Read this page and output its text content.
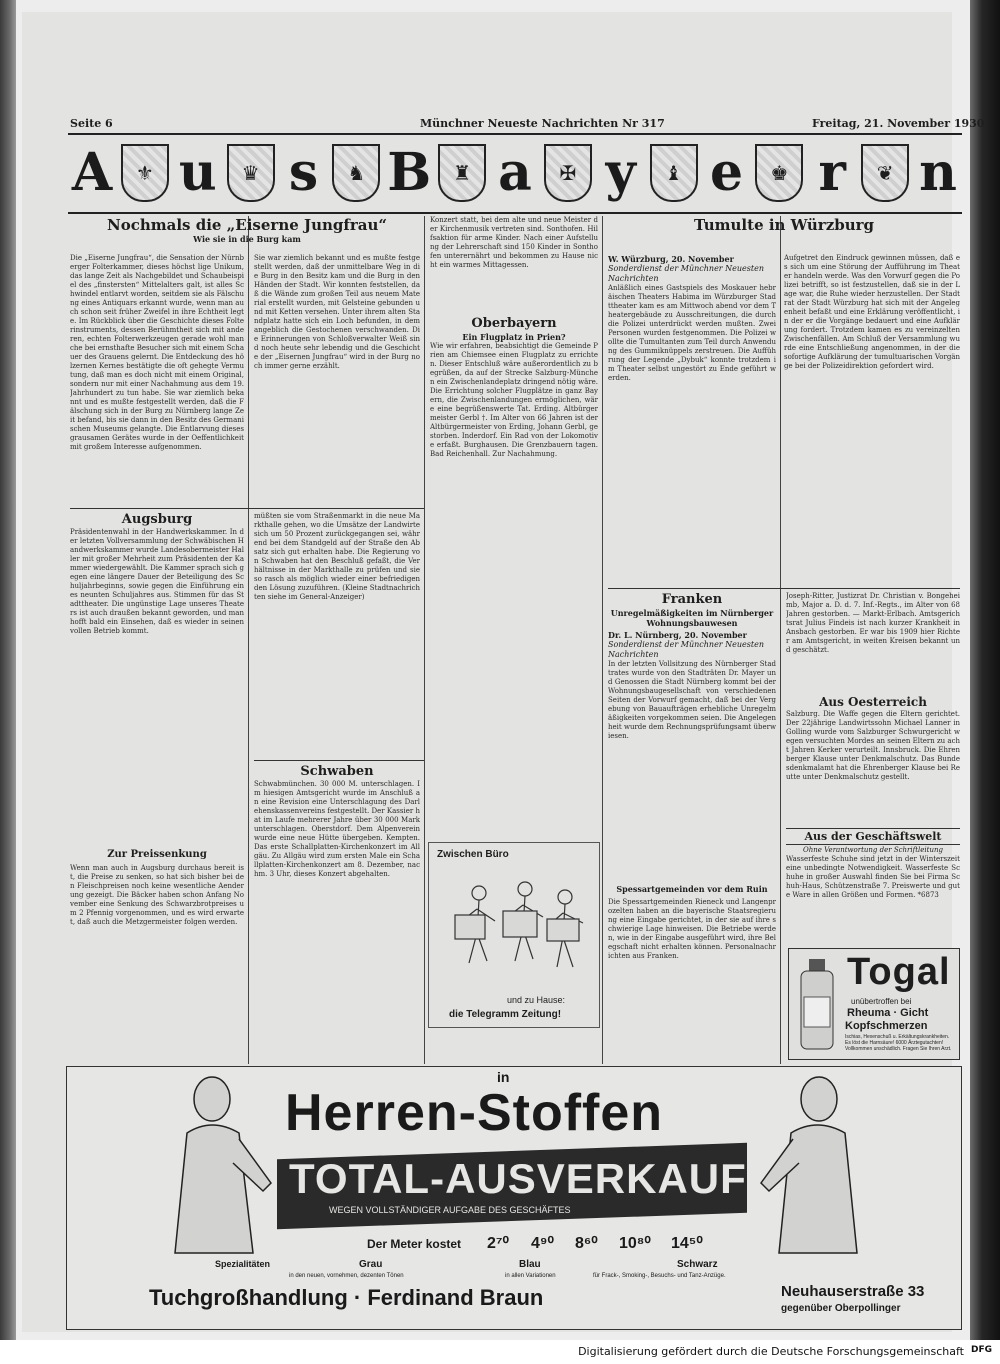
Seite 6	Münchner Neueste Nachrichten Nr 317	Freitag, 21. November 1930
A	⚜ u	♛ s	♞ B	♜ a	✠ y	♝ e	♚ r	❦ n
Nochmals die „Eiserne Jungfrau“
Wie sie in die Burg kam
Die „Eiserne Jungfrau“, die Sensation der Nürnberger Folterkammer, dieses höchst lige Unikum, das lange Zeit als Nachgebildet und Schaubeispiel des „finstersten“ Mittelalters galt, ist alles Schwindel entlarvt worden, seitdem sie als Fälschung eines Antiquars erkannt wurde, wenn man auch schon seit früher Zweifel in ihre Echtheit legte. Im Rückblick über die Geschichte dieses Folterinstruments, dessen Berühmtheit sich mit anderen, echten Folterwerkzeugen gerade wohl manche bei ernsthafte Besucher sich mit einem Schauer des Grauens gelernt. Die Entdeckung des hölzernen Kernes bestätigte die oft gehegte Vermutung, daß man es doch nicht mit einem Original, sondern nur mit einer Nachahmung aus dem 19. Jahrhundert zu tun habe. Sie war ziemlich bekannt und es mußte festgestellt werden, daß die Fälschung sich in der Burg zu Nürnberg lange Zeit befand, bis sie dann in den Besitz des Germanischen Museums gelangte. Die Entlarvung dieses grausamen Gerätes wurde in der Oeffentlichkeit mit großem Interesse aufgenommen.
Sie war ziemlich bekannt und es mußte festgestellt werden, daß der unmittelbare Weg in die Burg in den Besitz kam und die Burg in den Händen der Stadt. Wir konnten feststellen, daß die Wände zum großen Teil aus neuem Material erstellt wurden, mit Gelsteine gebunden und mit Ketten versehen. Unter ihrem alten Standplatz hatte sich ein Loch befunden, in dem angeblich die Gestochenen verschwanden. Die Erinnerungen von Schloßverwalter Weiß sind noch heute sehr lebendig und die Geschichte der „Eisernen Jungfrau“ wird in der Burg noch immer gerne erzählt.
Augsburg
Präsidentenwahl in der Handwerkskammer. In der letzten Vollversammlung der Schwäbischen Handwerkskammer wurde Landesobermeister Haller mit großer Mehrheit zum Präsidenten der Kammer wiedergewählt. Die Kammer sprach sich gegen eine längere Dauer der Beteiligung des Schuljahrbeginns, sowie gegen die Einführung eines neunten Schuljahres aus. Stimmen für das Stadttheater. Die ungünstige Lage unseres Theaters ist auch draußen bekannt geworden, und man hofft bald ein Einsehen, daß es wieder in seinen vollen Betrieb kommt.
Zur Preissenkung
Wenn man auch in Augsburg durchaus bereit ist, die Preise zu senken, so hat sich bisher bei den Fleischpreisen noch keine wesentliche Aenderung gezeigt. Die Bäcker haben schon Anfang November eine Senkung des Schwarzbrotpreises um 2 Pfennig vorgenommen, und es wird erwartet, daß auch die Metzgermeister folgen werden.
müßten sie vom Straßenmarkt in die neue Markthalle gehen, wo die Umsätze der Landwirte sich um 50 Prozent zurückgegangen sei, während bei dem Standgeld auf der Straße den Absatz sich gut erhalten habe. Die Regierung von Schwaben hat den Beschluß gefaßt, die Verhältnisse in der Markthalle zu prüfen und sie so rasch als möglich wieder einer befriedigenden Lösung zuzuführen. (Kleine Stadtnachrichten siehe im General-Anzeiger)
Schwaben
Schwabmünchen. 30 000 M. unterschlagen. Im hiesigen Amtsgericht wurde im Anschluß an eine Revision eine Unterschlagung des Darlehenskassenvereins festgestellt. Der Kassier hat im Laufe mehrerer Jahre über 30 000 Mark unterschlagen. Oberstdorf. Dem Alpenverein wurde eine neue Hütte übergeben. Kempten. Das erste Schallplatten-Kirchenkonzert im Allgäu. Zu Allgäu wird zum ersten Male ein Schallplatten-Kirchenkonzert am 8. Dezember, nachm. 3 Uhr, dieses Konzert abgehalten.
Konzert statt, bei dem alte und neue Meister der Kirchenmusik vertreten sind. Sonthofen. Hilfsaktion für arme Kinder. Nach einer Aufstellung der Lehrerschaft sind 150 Kinder in Sonthofen unterernährt und bekommen zu Hause nicht ein warmes Mittagessen.
Oberbayern
Ein Flugplatz in Prien?
Wie wir erfahren, beabsichtigt die Gemeinde Prien am Chiemsee einen Flugplatz zu errichten. Dieser Entschluß wäre außerordentlich zu begrüßen, da auf der Strecke Salzburg-München ein Zwischenlandeplatz dringend nötig wäre. Die Errichtung solcher Flugplätze in ganz Bayern, die Zwischenlandungen ermöglichen, wäre eine begrüßenswerte Tat. Erding. Altbürgermeister Gerbl †. Im Alter von 66 Jahren ist der Altbürgermeister von Erding, Johann Gerbl, gestorben. Inderdorf. Ein Rad von der Lokomotive erfaßt. Burghausen. Die Grenzbauern tagen. Bad Reichenhall. Zur Nachahmung.
Zwischen Büro
und zu Hause:
die Telegramm Zeitung!
Tumulte in Würzburg
W. Würzburg, 20. November
Sonderdienst der Münchner Neuesten Nachrichten
Anläßlich eines Gastspiels des Moskauer hebräischen Theaters Habima im Würzburger Stadttheater kam es am Mittwoch abend vor dem Theatergebäude zu Ausschreitungen, die durch die Polizei unterdrückt werden mußten. Zwei Personen wurden festgenommen. Die Polizei wollte die Tumultanten zum Teil durch Anwendung des Gummiknüppels zerstreuen. Die Aufführung der Legende „Dybuk“ konnte trotzdem im Theater selbst ungestört zu Ende geführt werden.
Aufgetret den Eindruck gewinnen müssen, daß es sich um eine Störung der Aufführung im Theater handeln werde. Was den Vorwurf gegen die Polizei betrifft, so ist festzustellen, daß sie in der Lage war, die Ruhe wieder herzustellen. Der Stadtrat der Stadt Würzburg hat sich mit der Angelegenheit befaßt und eine Erklärung veröffentlicht, in der er die Vorgänge bedauert und eine Aufklärung fordert. Trotzdem kamen es zu vereinzelten Zwischenfällen. Am Schluß der Versammlung wurde eine Entschließung angenommen, in der die sofortige Aufklärung der tumultuarischen Vorgänge bei der Polizeidirektion gefordert wird.
Franken
Unregelmäßigkeiten im Nürnberger Wohnungsbauwesen
Dr. L. Nürnberg, 20. November
Sonderdienst der Münchner Neuesten Nachrichten
In der letzten Vollsitzung des Nürnberger Stadtrates wurde von den Stadträten Dr. Mayer und Genossen die Stadt Nürnberg kommt bei der Wohnungsbaugesellschaft von verschiedenen Seiten der Vorwurf gemacht, daß bei der Vergebung von Bauaufträgen erhebliche Unregelmäßigkeiten vorgekommen seien. Die Angelegenheit wurde dem Rechnungsprüfungsamt überwiesen.
Spessartgemeinden vor dem Ruin
Die Spessartgemeinden Rieneck und Langenprozelten haben an die bayerische Staatsregierung eine Eingabe gerichtet, in der sie auf ihre schwierige Lage hinweisen. Die Betriebe werden, wie in der Eingabe ausgeführt wird, ihre Belegschaft nicht erhalten können. Personalnachrichten aus Franken.
Joseph-Ritter, Justizrat Dr. Christian v. Bongeheimb, Major a. D. d. 7. Inf.-Regts., im Alter von 68 Jahren gestorben. — Markt-Erlbach. Amtsgerichtsrat Julius Findeis ist nach kurzer Krankheit in Ansbach gestorben. Er war bis 1909 hier Richter am Amtsgericht, in weiten Kreisen bekannt und geschätzt.
Aus Oesterreich
Salzburg. Die Waffe gegen die Eltern gerichtet. Der 22jährige Landwirtssohn Michael Lanner in Golling wurde vom Salzburger Schwurgericht wegen versuchten Mordes an seinen Eltern zu acht Jahren Kerker verurteilt. Innsbruck. Die Ehrenberger Klause unter Denkmalschutz. Das Bundesdenkmalamt hat die Ehrenberger Klause bei Reutte unter Denkmalschutz gestellt.
Aus der Geschäftswelt
Ohne Verantwortung der Schriftleitung
Wasserfeste Schuhe sind jetzt in der Winterszeit eine unbedingte Notwendigkeit. Wasserfeste Schuhe in großer Auswahl finden Sie bei Firma Schuh-Haus, Schützenstraße 7. Preiswerte und gute Ware in allen Größen und Formen. *6873
Togal
unübertroffen bei
Rheuma · Gicht
Kopfschmerzen
Ischias, Hexenschuß u. Erkältungskrankheiten. Es löst die Harnsäure! 6000 Ärztegutachten! Vollkommen unschädlich. Fragen Sie Ihren Arzt.
in
Herren-Stoffen
TOTAL-AUSVERKAUF
WEGEN VOLLSTÄNDIGER AUFGABE DES GESCHÄFTES
Der Meter kostet 2⁷⁰ 4⁹⁰ 8⁶⁰ 10⁸⁰ 14⁵⁰
Spezialitäten	Grau
in den neuen, vornehmen, dezenten Tönen
Blau
in allen Variationen
Schwarz
für Frack-, Smoking-, Besuchs- und Tanz-Anzüge.
Tuchgroßhandlung · Ferdinand Braun	Neuhauserstraße 33
gegenüber Oberpollinger
Digitalisierung gefördert durch die Deutsche Forschungsgemeinschaft DFG
